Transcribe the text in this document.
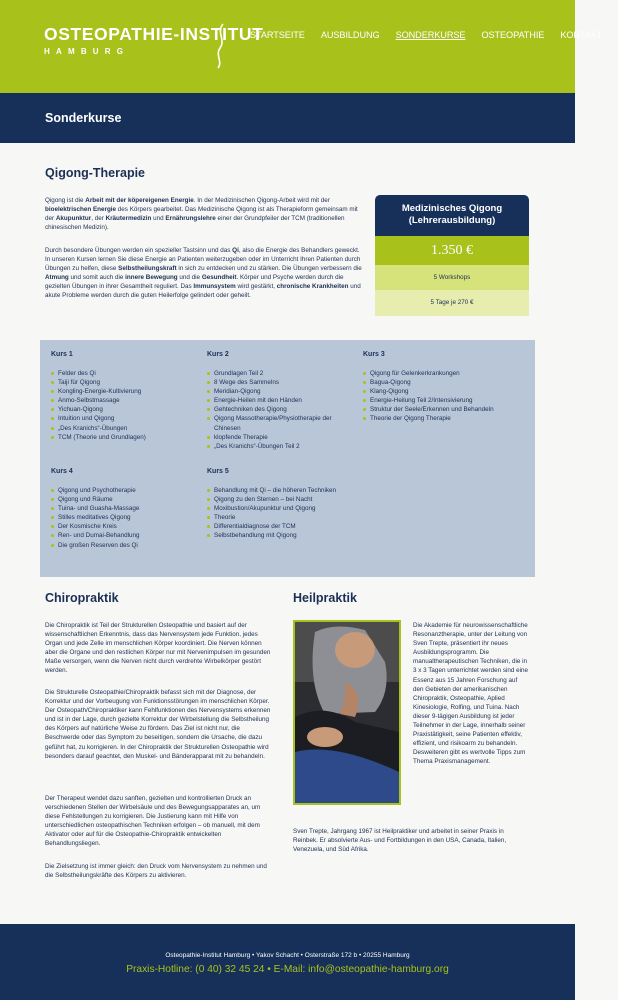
OSTEOPATHIE-INSTITUT
HAMBURG
STARTSEITE AUSBILDUNG SONDERKURSE OSTEOPATHIE KONTAKT
Sonderkurse
Qigong-Therapie
Qigong ist die Arbeit mit der köpereigenen Energie. In der Medizinischen Qigong-Arbeit wird mit der bioelektrischen Energie des Körpers gearbeitet. Das Medizinische Qigong ist als Therapieform gemeinsam mit der Akupunktur, der Kräutermedizin und Ernährungslehre einer der Grundpfeiler der TCM (traditionellen chinesischen Medizin).
Durch besondere Übungen werden ein spezieller Tastsinn und das Qi, also die Energie des Behandlers geweckt. In unseren Kursen lernen Sie diese Energie an Patienten weiterzugeben oder im Unterricht Ihren Patienten durch Übungen zu helfen, diese Selbstheilungskraft in sich zu entdecken und zu stärken. Die Übungen verbessern die Atmung und somit auch die innere Bewegung und die Gesundheit. Körper und Psyche werden durch die gezielten Übungen in ihrer Gesamtheit reguliert. Das Immunsystem wird gestärkt, chronische Krankheiten und akute Probleme werden durch die guten Heilerfolge gelindert oder geheilt.
Medizinisches Qigong
(Lehrerausbildung)
1.350 €
5 Workshops
5 Tage je 270 €
Kurs 1
Felder des Qi
Taiji für Qigong
Kongling-Energie-Kultivierung
Anmo-Selbstmassage
Yichuan-Qigong
Intuition und Qigong
„Des Kranichs“-Übungen
TCM (Theorie und Grundlagen)
Kurs 2
Grundlagen Teil 2
8 Wege des Sammelns
Meridian-Qigong
Energie-Heilen mit den Händen
Gehtechniken des Qigong
Qigong Massotherapie/Physiotherapie der Chinesen
klopfende Therapie
„Des Kranichs“-Übungen Teil 2
Kurs 3
Qigong für Gelenkerkrankungen
Bagua-Qigong
Klang-Qigong
Energie-Heilung Teil 2/Intensivierung
Struktur der Seele/Erkennen und Behandeln
Theorie der Qigong Therapie
Kurs 4
Qigong und Psychotherapie
Qigong und Räume
Tuina- und Guasha-Massage
Stilles meditatives Qigong
Der Kosmische Kreis
Ren- und Dumai-Behandlung
Die großen Reserven des Qi
Kurs 5
Behandlung mit Qi – die höheren Techniken
Qigong zu den Sternen – bei Nacht
Moxibustion/Akupunktur und Qigong
Theorie
Differentialdiagnose der TCM
Selbstbehandlung mit Qigong
Chiropraktik
Die Chiropraktik ist Teil der Strukturellen Osteopathie und basiert auf der wissenschaftlichen Erkenntnis, dass das Nervensystem jede Funktion, jedes Organ und jede Zelle im menschlichen Körper koordiniert. Die Nerven können aber die Organe und den restlichen Körper nur mit Nervenimpulsen im gesunden Maße versorgen, wenn die Nerven nicht durch verdrehte Wirbelkörper gestört werden.
Die Strukturelle Osteopathie/Chiropraktik befasst sich mit der Diagnose, der Korrektur und der Vorbeugung von Funktionsstörungen im menschlichen Körper. Der Osteopath/Chiropraktiker kann Fehlfunktionen des Nervensystems erkennen und ist in der Lage, durch gezielte Korrektur der Wirbelstellung die Selbstheilung des Körpers auf natürliche Weise zu fördern. Das Ziel ist nicht nur, die Beschwerde oder das Symptom zu beseitigen, sondern die Ursache, die dazu geführt hat, zu korrigieren. In der Chiropraktik der Strukturellen Osteopathie wird besonders darauf geachtet, den Muskel- und Bänderapparat mit zu behandeln.
Der Therapeut wendet dazu sanften, gezielten und kontrollierten Druck an verschiedenen Stellen der Wirbelsäule und des Bewegungsapparates an, um diese Fehlstellungen zu korrigieren. Die Justierung kann mit Hilfe von unterschiedlichen osteopathischen Techniken erfolgen – ob manuell, mit dem Aktivator oder auf für die Osteopathie-Chiropraktik entwickelten Behandlungsliegen.
Die Zielsetzung ist immer gleich: den Druck vom Nervensystem zu nehmen und die Selbstheilungskräfte des Körpers zu aktivieren.
Heilpraktik
Die Akademie für neurowissenschaftliche Resonanztherapie, unter der Leitung von Sven Trepte, präsentiert ihr neues Ausbildungsprogramm. Die manualtherapeutischen Techniken, die in 3 x 3 Tagen unterrichtet werden sind eine Essenz aus 15 Jahren Forschung auf den Gebieten der amerikanischen Chiropraktik, Osteopathie, Aplied Kinesiologie, Rolfing, und Tuina. Nach dieser 9-tägigen Ausbildung ist jeder Teilnehmer in der Lage, innerhalb seiner Praxistätigkeit, seine Patienten effektiv, effizient, und risikoarm zu behandeln. Desweiteren gibt es wertvolle Tipps zum Thema Praxismanagement.
Sven Trepte, Jahrgang 1967 ist Heilpraktiker und arbeitet in seiner Praxis in Reinbek. Er absolvierte Aus- und Fortbildungen in den USA, Canada, Italien, Venezuela, und Süd Afrika.
Osteopathie-Institut Hamburg • Yakov Schacht • Osterstraße 172 b • 20255 Hamburg
Praxis-Hotline: (0 40) 32 45 24 • E-Mail: info@osteopathie-hamburg.org
